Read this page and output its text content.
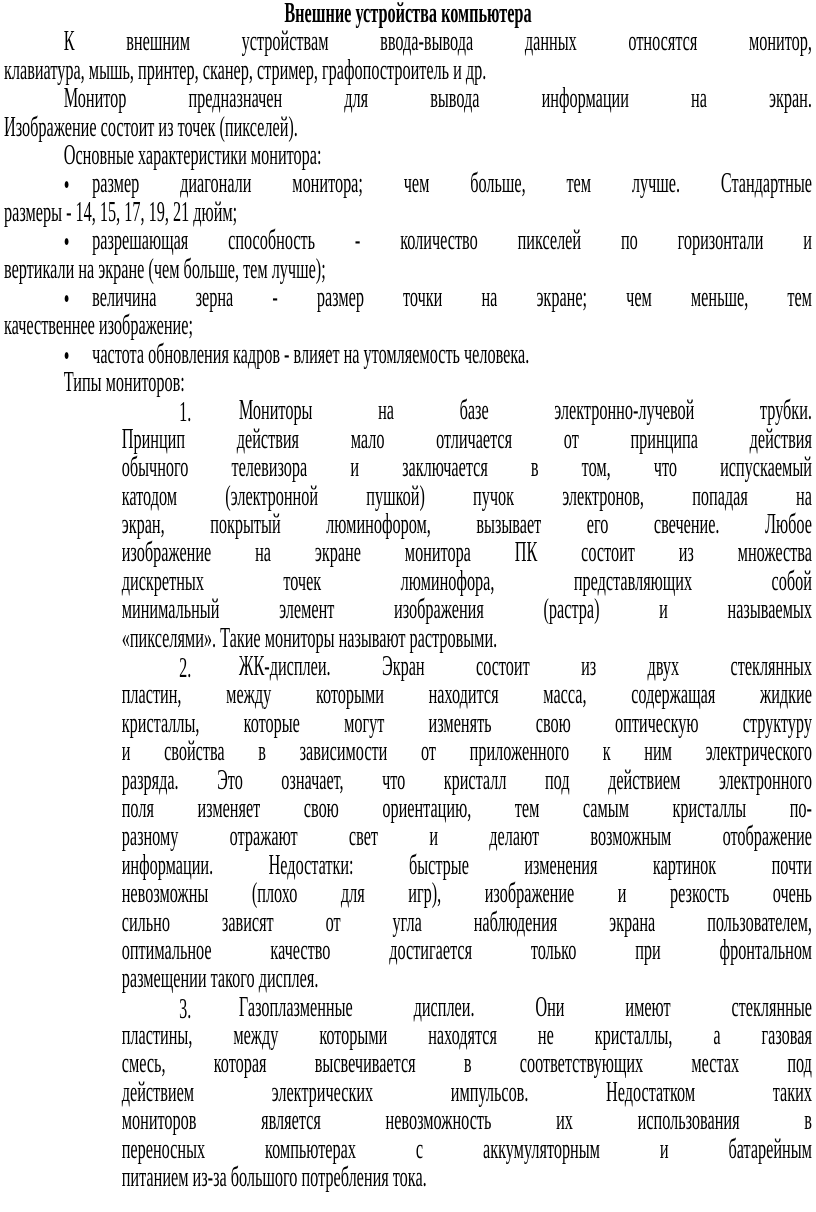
Внешние устройства компьютера
К внешним устройствам ввода-вывода данных относятся монитор,
клавиатура, мышь, принтер, сканер, стример, графопостроитель и др.
Монитор предназначен для вывода информации на экран.
Изображение состоит из точек (пикселей).
Основные характеристики монитора:
• размер диагонали монитора; чем больше, тем лучше. Стандартные
размеры - 14, 15, 17, 19, 21 дюйм;
• разрешающая способность - количество пикселей по горизонтали и
вертикали на экране (чем больше, тем лучше);
• величина зерна - размер точки на экране; чем меньше, тем
качественнее изображение;
• частота обновления кадров - влияет на утомляемость человека.
Типы мониторов:
1. Мониторы на базе электронно-лучевой трубки.
Принцип действия мало отличается от принципа действия
обычного телевизора и заключается в том, что испускаемый
катодом (электронной пушкой) пучок электронов, попадая на
экран, покрытый люминофором, вызывает его свечение. Любое
изображение на экране монитора ПК состоит из множества
дискретных точек люминофора, представляющих собой
минимальный элемент изображения (растра) и называемых
«пикселями». Такие мониторы называют растровыми.
2. ЖК-дисплеи. Экран состоит из двух стеклянных
пластин, между которыми находится масса, содержащая жидкие
кристаллы, которые могут изменять свою оптическую структуру
и свойства в зависимости от приложенного к ним электрического
разряда. Это означает, что кристалл под действием электронного
поля изменяет свою ориентацию, тем самым кристаллы по-
разному отражают свет и делают возможным отображение
информации. Недостатки: быстрые изменения картинок почти
невозможны (плохо для игр), изображение и резкость очень
сильно зависят от угла наблюдения экрана пользователем,
оптимальное качество достигается только при фронтальном
размещении такого дисплея.
3. Газоплазменные дисплеи. Они имеют стеклянные
пластины, между которыми находятся не кристаллы, а газовая
смесь, которая высвечивается в соответствующих местах под
действием электрических импульсов. Недостатком таких
мониторов является невозможность их использования в
переносных компьютерах с аккумуляторным и батарейным
питанием из-за большого потребления тока.
